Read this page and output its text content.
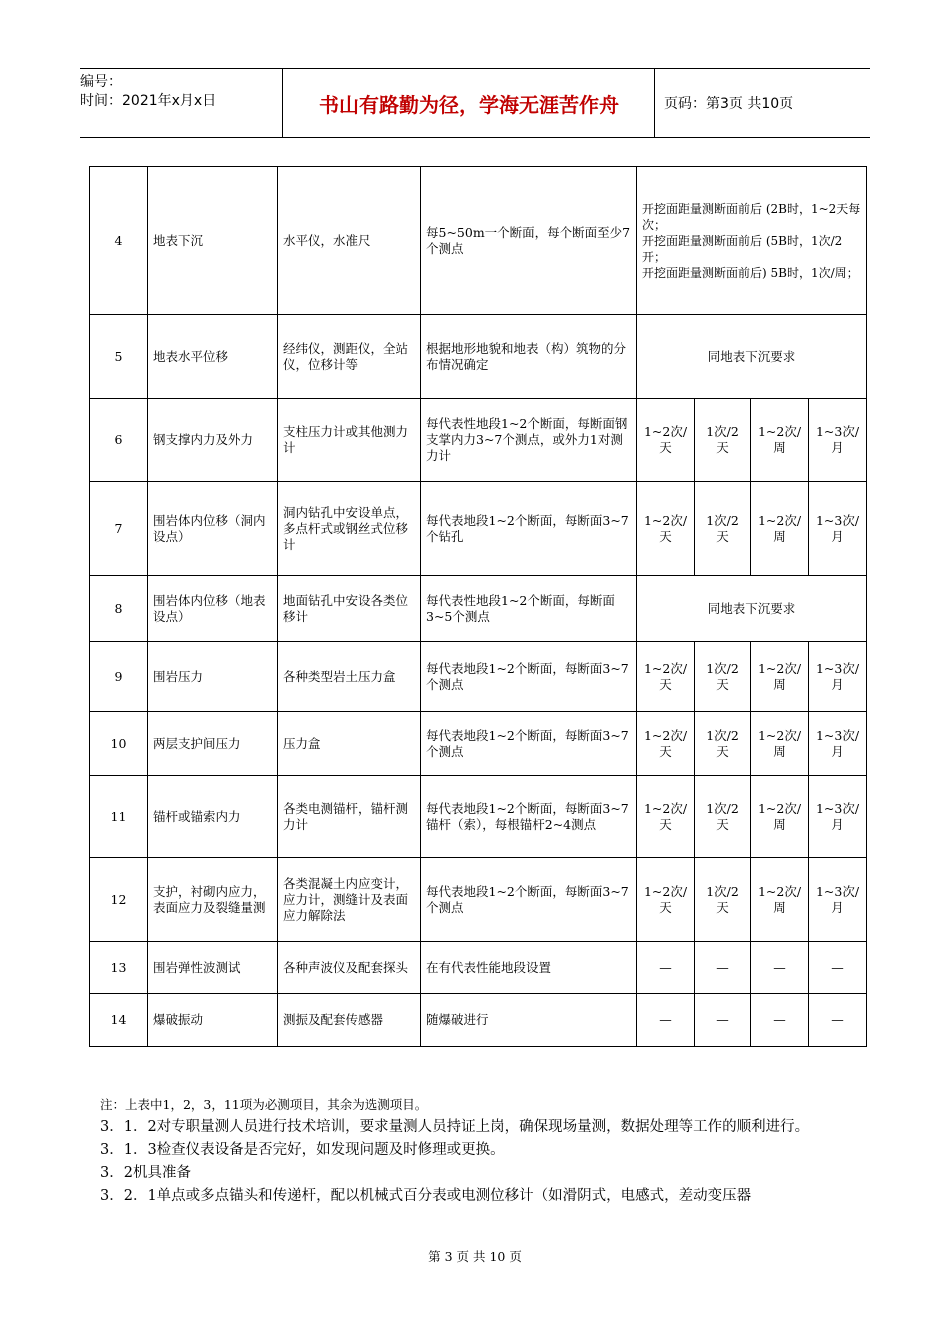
编号：
时间：2021年x月x日	书山有路勤为径，学海无涯苦作舟	页码：第3页 共10页
4	地表下沉	水平仪，水准尺	每5~50m一个断面，每个断面至少7个测点	开挖面距量测断面前后 (2B时，1~2天每次；
开挖面距量测断面前后 (5B时，1次/2开；
开挖面距量测断面前后) 5B时，1次/周；			
5	地表水平位移	经纬仪，测距仪，全站仪，位移计等	根据地形地貌和地表（构）筑物的分布情况确定	同地表下沉要求			
6	钢支撑内力及外力	支柱压力计或其他测力计	每代表性地段1~2个断面，每断面钢支掌内力3~7个测点，或外力1对测力计	1~2次/天	1次/2天	1~2次/周	1~3次/月
7	围岩体内位移（洞内设点）	洞内钻孔中安设单点，多点杆式或钢丝式位移计	每代表地段1~2个断面，每断面3~7个钻孔	1~2次/天	1次/2天	1~2次/周	1~3次/月
8	围岩体内位移（地表设点）	地面钻孔中安设各类位移计	每代表性地段1~2个断面，每断面3~5个测点	同地表下沉要求			
9	围岩压力	各种类型岩土压力盒	每代表地段1~2个断面，每断面3~7个测点	1~2次/天	1次/2天	1~2次/周	1~3次/月
10	两层支护间压力	压力盒	每代表地段1~2个断面，每断面3~7个测点	1~2次/天	1次/2天	1~2次/周	1~3次/月
11	锚杆或锚索内力	各类电测锚杆，锚杆测力计	每代表地段1~2个断面，每断面3~7锚杆（索），每根锚杆2~4测点	1~2次/天	1次/2天	1~2次/周	1~3次/月
12	支护，衬砌内应力，表面应力及裂缝量测	各类混凝土内应变计，应力计，测缝计及表面应力解除法	每代表地段1~2个断面，每断面3~7个测点	1~2次/天	1次/2天	1~2次/周	1~3次/月
13	围岩弹性波测试	各种声波仪及配套探头	在有代表性能地段设置	—	—	—	—
14	爆破振动	测振及配套传感器	随爆破进行	—	—	—	—
注：上表中1，2，3，11项为必测项目，其余为选测项目。
3．1．2对专职量测人员进行技术培训，要求量测人员持证上岗，确保现场量测，数据处理等工作的顺利进行。
3．1．3检查仪表设备是否完好，如发现问题及时修理或更换。
3．2机具准备
3．2．1单点或多点锚头和传递杆，配以机械式百分表或电测位移计（如滑阴式，电感式，差动变压器
第 3 页 共 10 页
